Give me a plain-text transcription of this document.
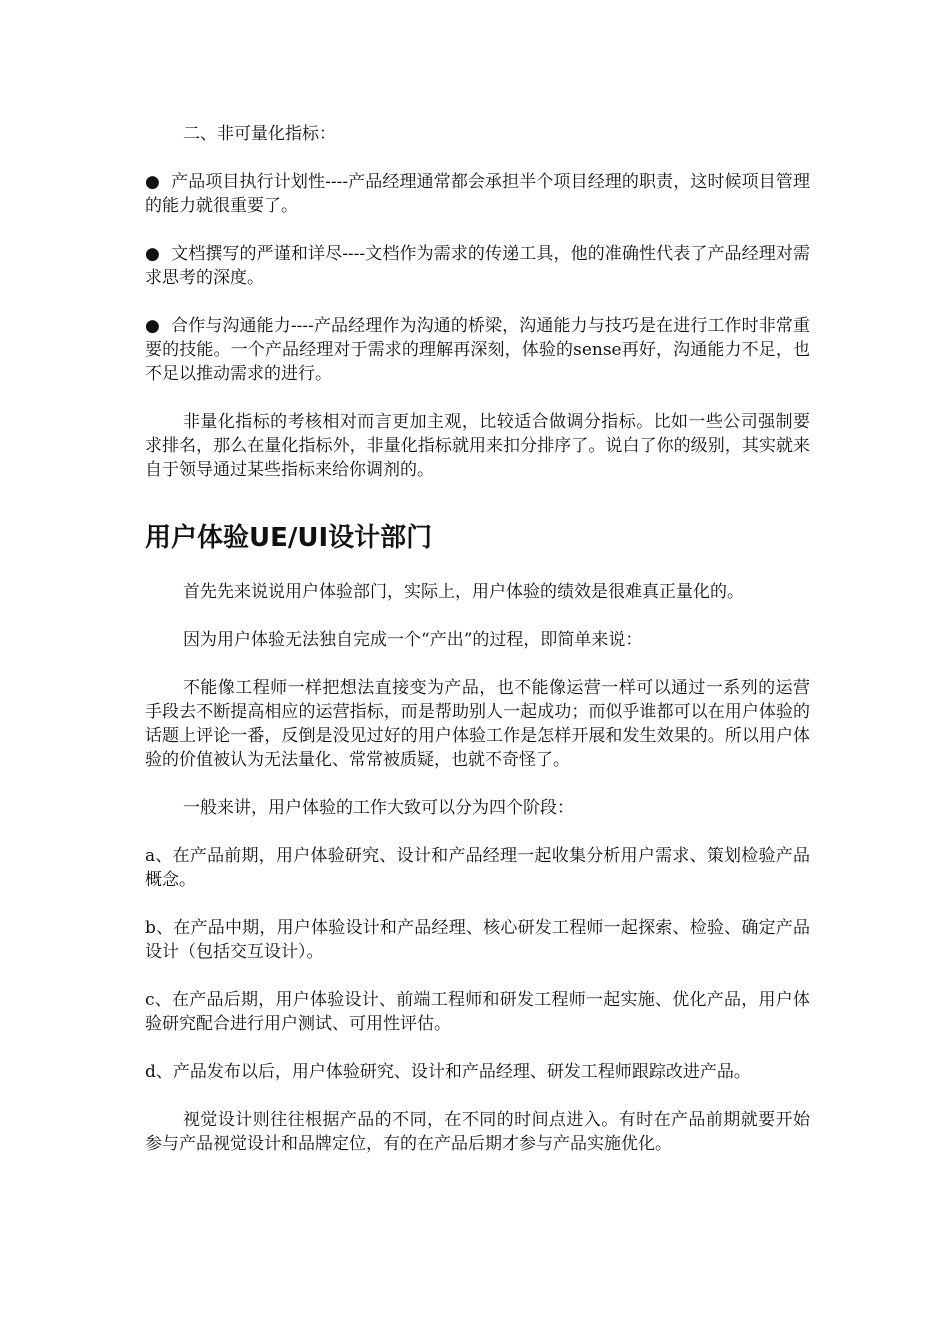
二、非可量化指标：

● 产品项目执行计划性----产品经理通常都会承担半个项目经理的职责，这时候项目管理的能力就很重要了。

● 文档撰写的严谨和详尽----文档作为需求的传递工具，他的准确性代表了产品经理对需求思考的深度。

● 合作与沟通能力----产品经理作为沟通的桥梁，沟通能力与技巧是在进行工作时非常重要的技能。一个产品经理对于需求的理解再深刻，体验的sense再好，沟通能力不足，也不足以推动需求的进行。

非量化指标的考核相对而言更加主观，比较适合做调分指标。比如一些公司强制要求排名，那么在量化指标外，非量化指标就用来扣分排序了。说白了你的级别，其实就来自于领导通过某些指标来给你调剂的。

用户体验UE/UI设计部门

首先先来说说用户体验部门，实际上，用户体验的绩效是很难真正量化的。

因为用户体验无法独自完成一个“产出”的过程，即简单来说：

不能像工程师一样把想法直接变为产品，也不能像运营一样可以通过一系列的运营手段去不断提高相应的运营指标，而是帮助别人一起成功；而似乎谁都可以在用户体验的话题上评论一番，反倒是没见过好的用户体验工作是怎样开展和发生效果的。所以用户体验的价值被认为无法量化、常常被质疑，也就不奇怪了。

一般来讲，用户体验的工作大致可以分为四个阶段：

a、在产品前期，用户体验研究、设计和产品经理一起收集分析用户需求、策划检验产品概念。

b、在产品中期，用户体验设计和产品经理、核心研发工程师一起探索、检验、确定产品设计（包括交互设计）。

c、在产品后期，用户体验设计、前端工程师和研发工程师一起实施、优化产品，用户体验研究配合进行用户测试、可用性评估。

d、产品发布以后，用户体验研究、设计和产品经理、研发工程师跟踪改进产品。

视觉设计则往往根据产品的不同，在不同的时间点进入。有时在产品前期就要开始参与产品视觉设计和品牌定位，有的在产品后期才参与产品实施优化。
